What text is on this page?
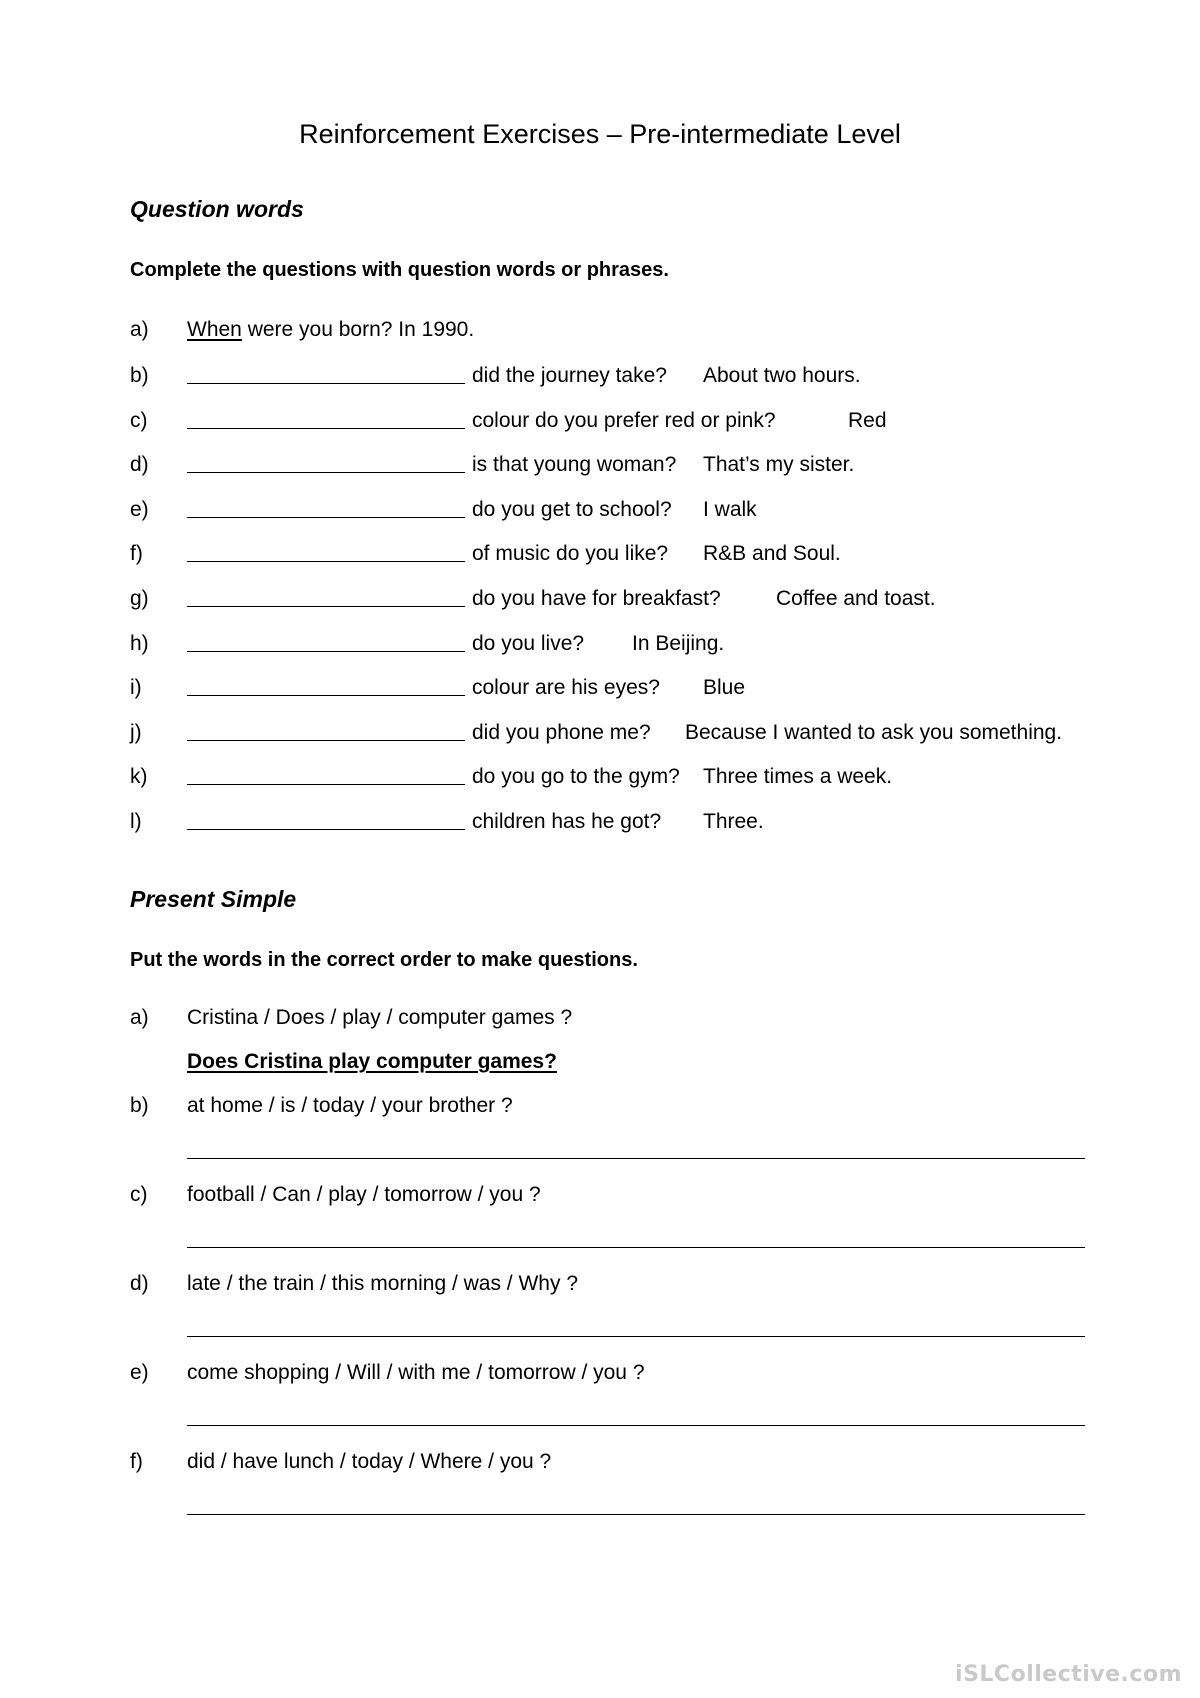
Reinforcement Exercises – Pre-intermediate Level
Question words
Complete the questions with question words or phrases.
a) When were you born? In 1990.
b)	did the journey take? About two hours.
c)	colour do you prefer red or pink?	Red
d)	is that young woman? That’s my sister.
e)	do you get to school? I walk
f)	of music do you like? R&B and Soul.
g)	do you have for breakfast?	Coffee and toast.
h)	do you live? In Beijing.
i)	colour are his eyes? Blue
j)	did you phone me? Because I wanted to ask you something.
k)	do you go to the gym? Three times a week.
l)	children has he got? Three.
Present Simple
Put the words in the correct order to make questions.
a) Cristina / Does / play / computer games ?
Does Cristina play computer games?
b) at home / is / today / your brother ?
c) football / Can / play / tomorrow / you ?
d) late / the train / this morning / was / Why ?
e) come shopping / Will / with me / tomorrow / you ?
f) did / have lunch / today / Where / you ?
iSLCollective.com
